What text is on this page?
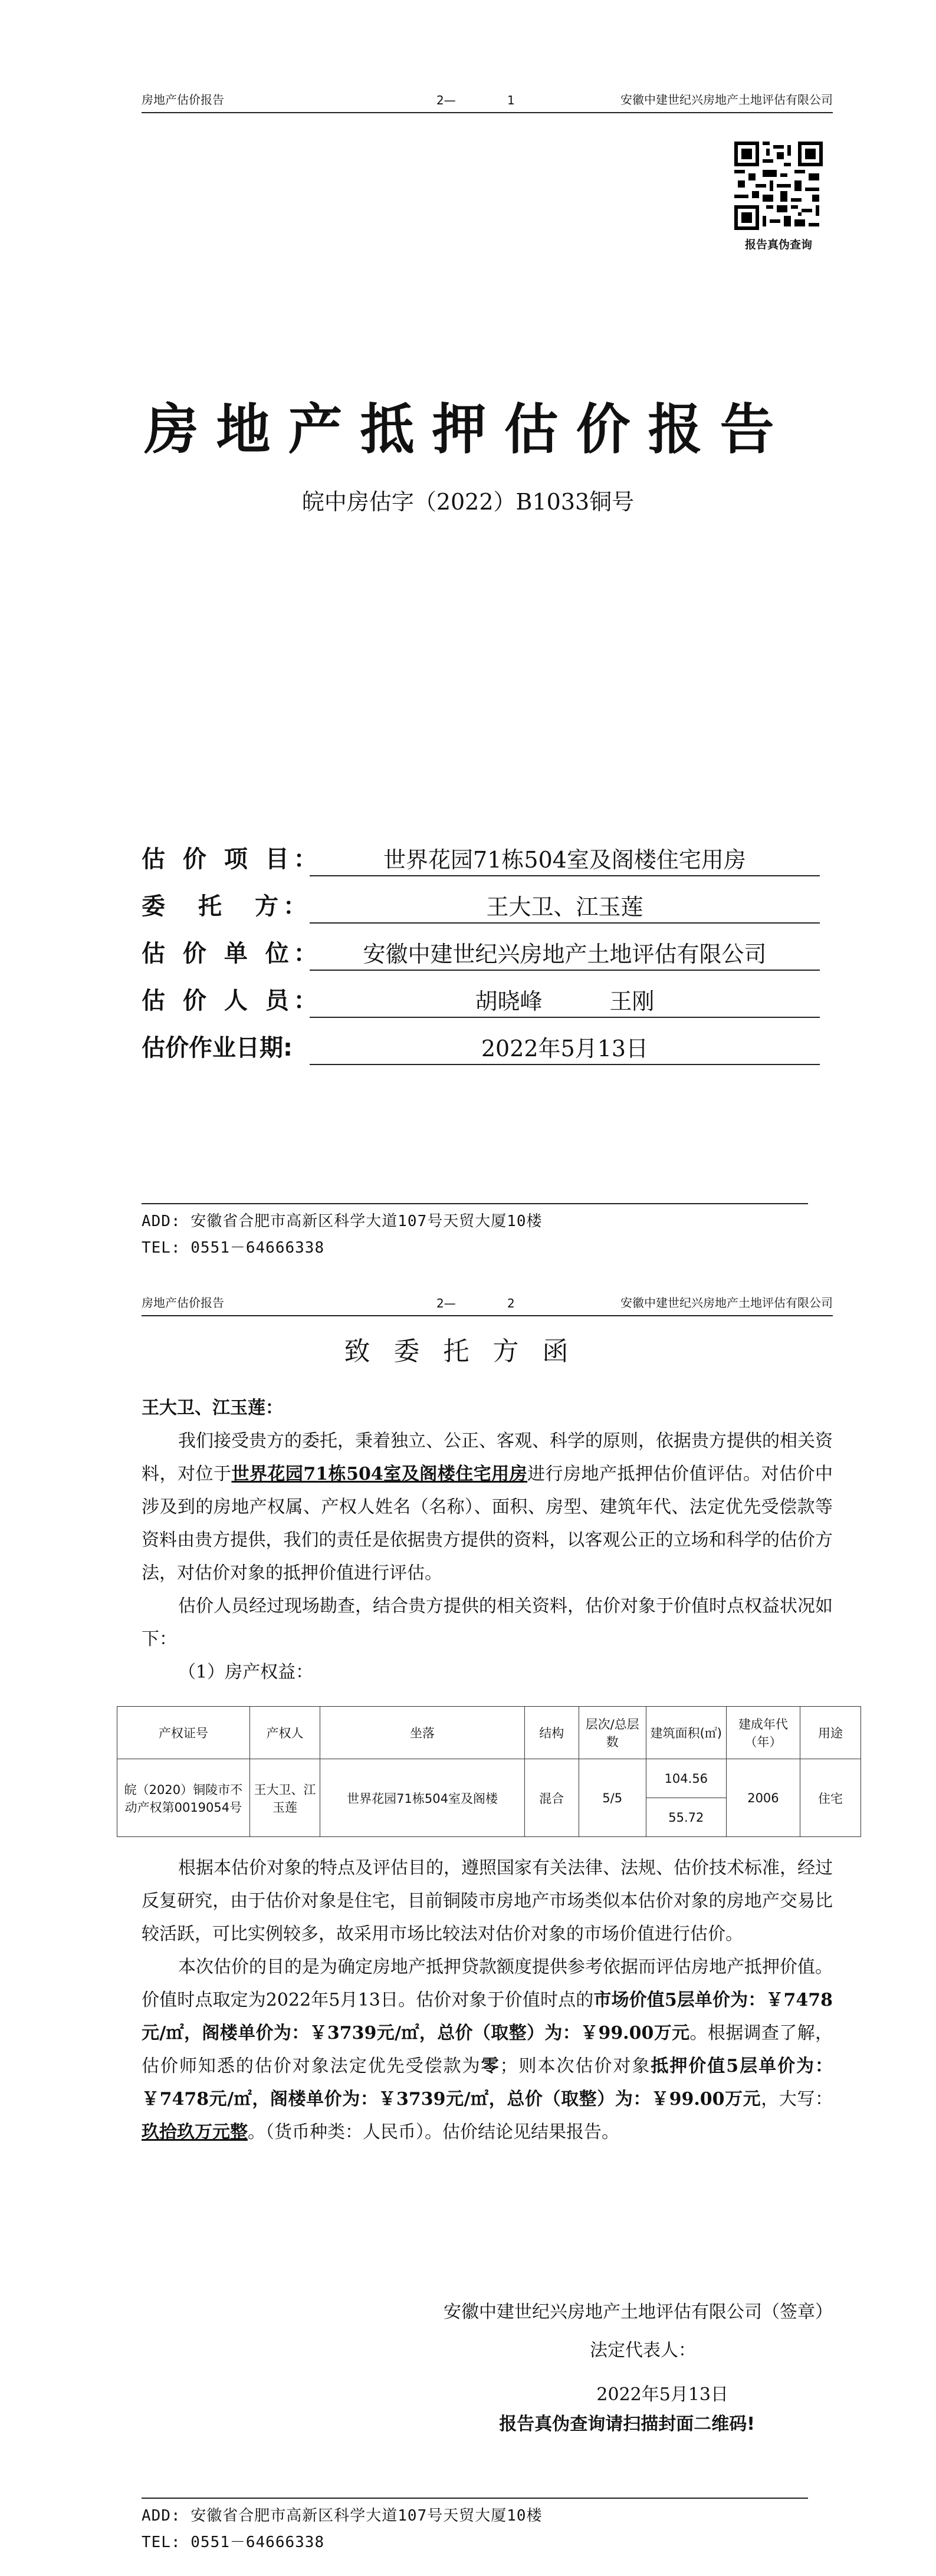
房地产估价报告	2—	1	安徽中建世纪兴房地产土地评估有限公司
报告真伪查询
房地产抵押估价报告
皖中房估字（2022）B1033铜号
估 价 项 目：	世界花园71栋504室及阁楼住宅用房
委　托　方：	王大卫、江玉莲
估 价 单 位：	安徽中建世纪兴房地产土地评估有限公司
估 价 人 员：	胡晓峰　　　王刚
估价作业日期:	2022年5月13日
ADD: 安徽省合肥市高新区科学大道107号天贸大厦10楼
TEL: 0551－64666338
房地产估价报告	2—	2	安徽中建世纪兴房地产土地评估有限公司
致委托方函

王大卫、江玉莲：

我们接受贵方的委托，秉着独立、公正、客观、科学的原则，依据贵方提供的相关资料，对位于世界花园71栋504室及阁楼住宅用房进行房地产抵押估价值评估。对估价中涉及到的房地产权属、产权人姓名（名称）、面积、房型、建筑年代、法定优先受偿款等资料由贵方提供，我们的责任是依据贵方提供的资料，以客观公正的立场和科学的估价方法，对估价对象的抵押价值进行评估。

估价人员经过现场勘查，结合贵方提供的相关资料，估价对象于价值时点权益状况如下：

（1）房产权益：

产权证号	产权人	坐落	结构	层次/总层数	建筑面积(㎡)	建成年代（年）	用途
皖（2020）铜陵市不动产权第0019054号	王大卫、江玉莲	世界花园71栋504室及阁楼	混合	5/5	104.56	2006	住宅
					55.72		

根据本估价对象的特点及评估目的，遵照国家有关法律、法规、估价技术标准，经过反复研究，由于估价对象是住宅，目前铜陵市房地产市场类似本估价对象的房地产交易比较活跃，可比实例较多，故采用市场比较法对估价对象的市场价值进行估价。

本次估价的目的是为确定房地产抵押贷款额度提供参考依据而评估房地产抵押价值。价值时点取定为2022年5月13日。估价对象于价值时点的市场价值5层单价为：￥7478元/㎡，阁楼单价为：￥3739元/㎡，总价（取整）为：￥99.00万元。根据调查了解，估价师知悉的估价对象法定优先受偿款为零；则本次估价对象抵押价值5层单价为：￥7478元/㎡，阁楼单价为：￥3739元/㎡，总价（取整）为：￥99.00万元，大写：玖拾玖万元整。（货币种类：人民币）。估价结论见结果报告。

安徽中建世纪兴房地产土地评估有限公司（签章）
法定代表人：
2022年5月13日
报告真伪查询请扫描封面二维码!
ADD: 安徽省合肥市高新区科学大道107号天贸大厦10楼
TEL: 0551－64666338
